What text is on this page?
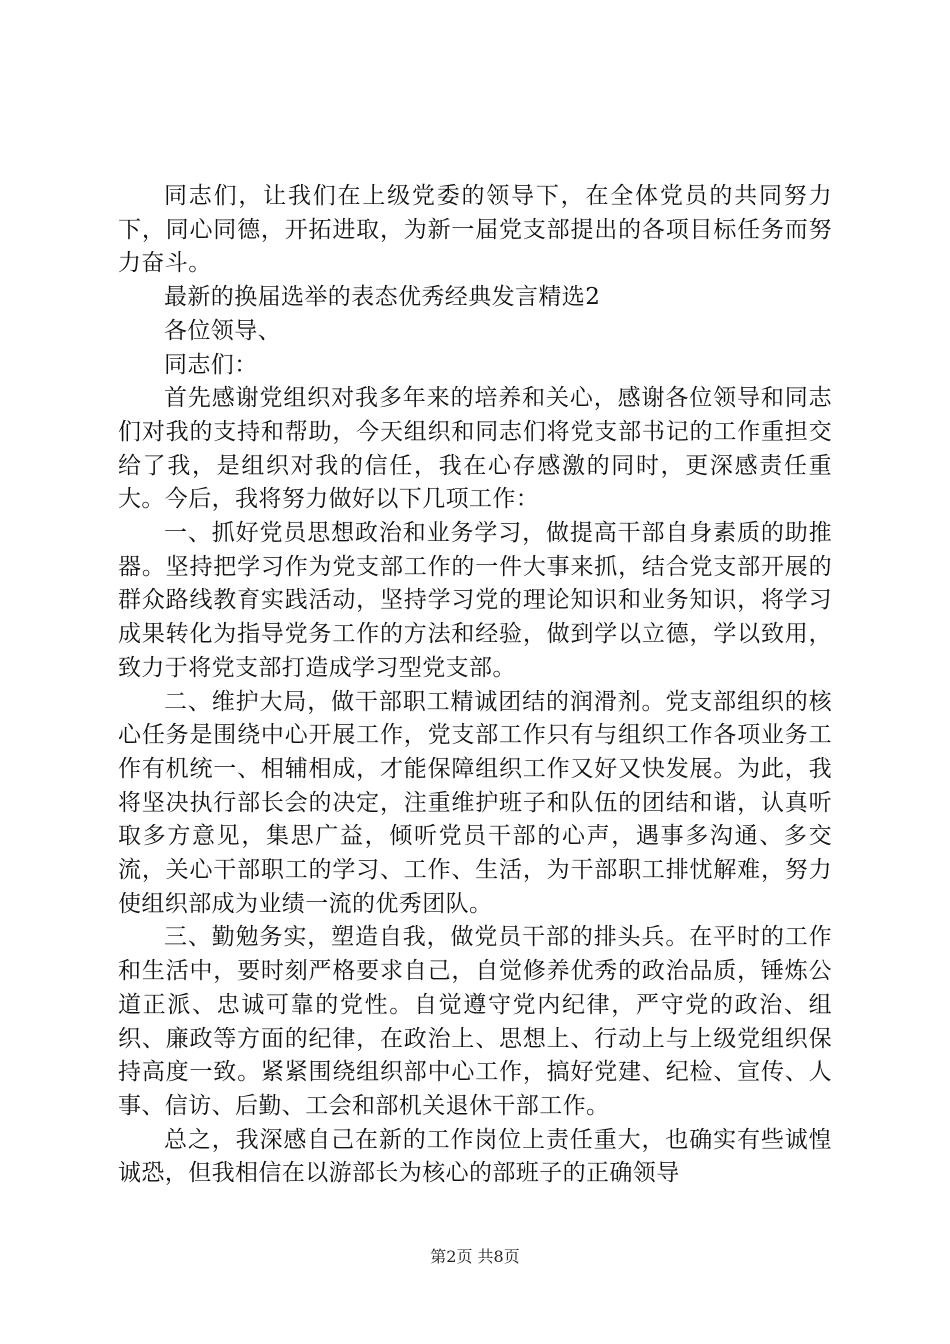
同志们，让我们在上级党委的领导下，在全体党员的共同努力下，同心同德，开拓进取，为新一届党支部提出的各项目标任务而努力奋斗。

最新的换届选举的表态优秀经典发言精选2

各位领导、

同志们：

首先感谢党组织对我多年来的培养和关心，感谢各位领导和同志们对我的支持和帮助，今天组织和同志们将党支部书记的工作重担交给了我，是组织对我的信任，我在心存感激的同时，更深感责任重大。今后，我将努力做好以下几项工作：

一、抓好党员思想政治和业务学习，做提高干部自身素质的助推器。坚持把学习作为党支部工作的一件大事来抓，结合党支部开展的群众路线教育实践活动，坚持学习党的理论知识和业务知识，将学习成果转化为指导党务工作的方法和经验，做到学以立德，学以致用，致力于将党支部打造成学习型党支部。

二、维护大局，做干部职工精诚团结的润滑剂。党支部组织的核心任务是围绕中心开展工作，党支部工作只有与组织工作各项业务工作有机统一、相辅相成，才能保障组织工作又好又快发展。为此，我将坚决执行部长会的决定，注重维护班子和队伍的团结和谐，认真听取多方意见，集思广益，倾听党员干部的心声，遇事多沟通、多交流，关心干部职工的学习、工作、生活，为干部职工排忧解难，努力使组织部成为业绩一流的优秀团队。

三、勤勉务实，塑造自我，做党员干部的排头兵。在平时的工作和生活中，要时刻严格要求自己，自觉修养优秀的政治品质，锤炼公道正派、忠诚可靠的党性。自觉遵守党内纪律，严守党的政治、组织、廉政等方面的纪律，在政治上、思想上、行动上与上级党组织保持高度一致。紧紧围绕组织部中心工作，搞好党建、纪检、宣传、人事、信访、后勤、工会和部机关退休干部工作。

总之，我深感自己在新的工作岗位上责任重大，也确实有些诚惶诚恐，但我相信在以游部长为核心的部班子的正确领导

第2页 共8页
